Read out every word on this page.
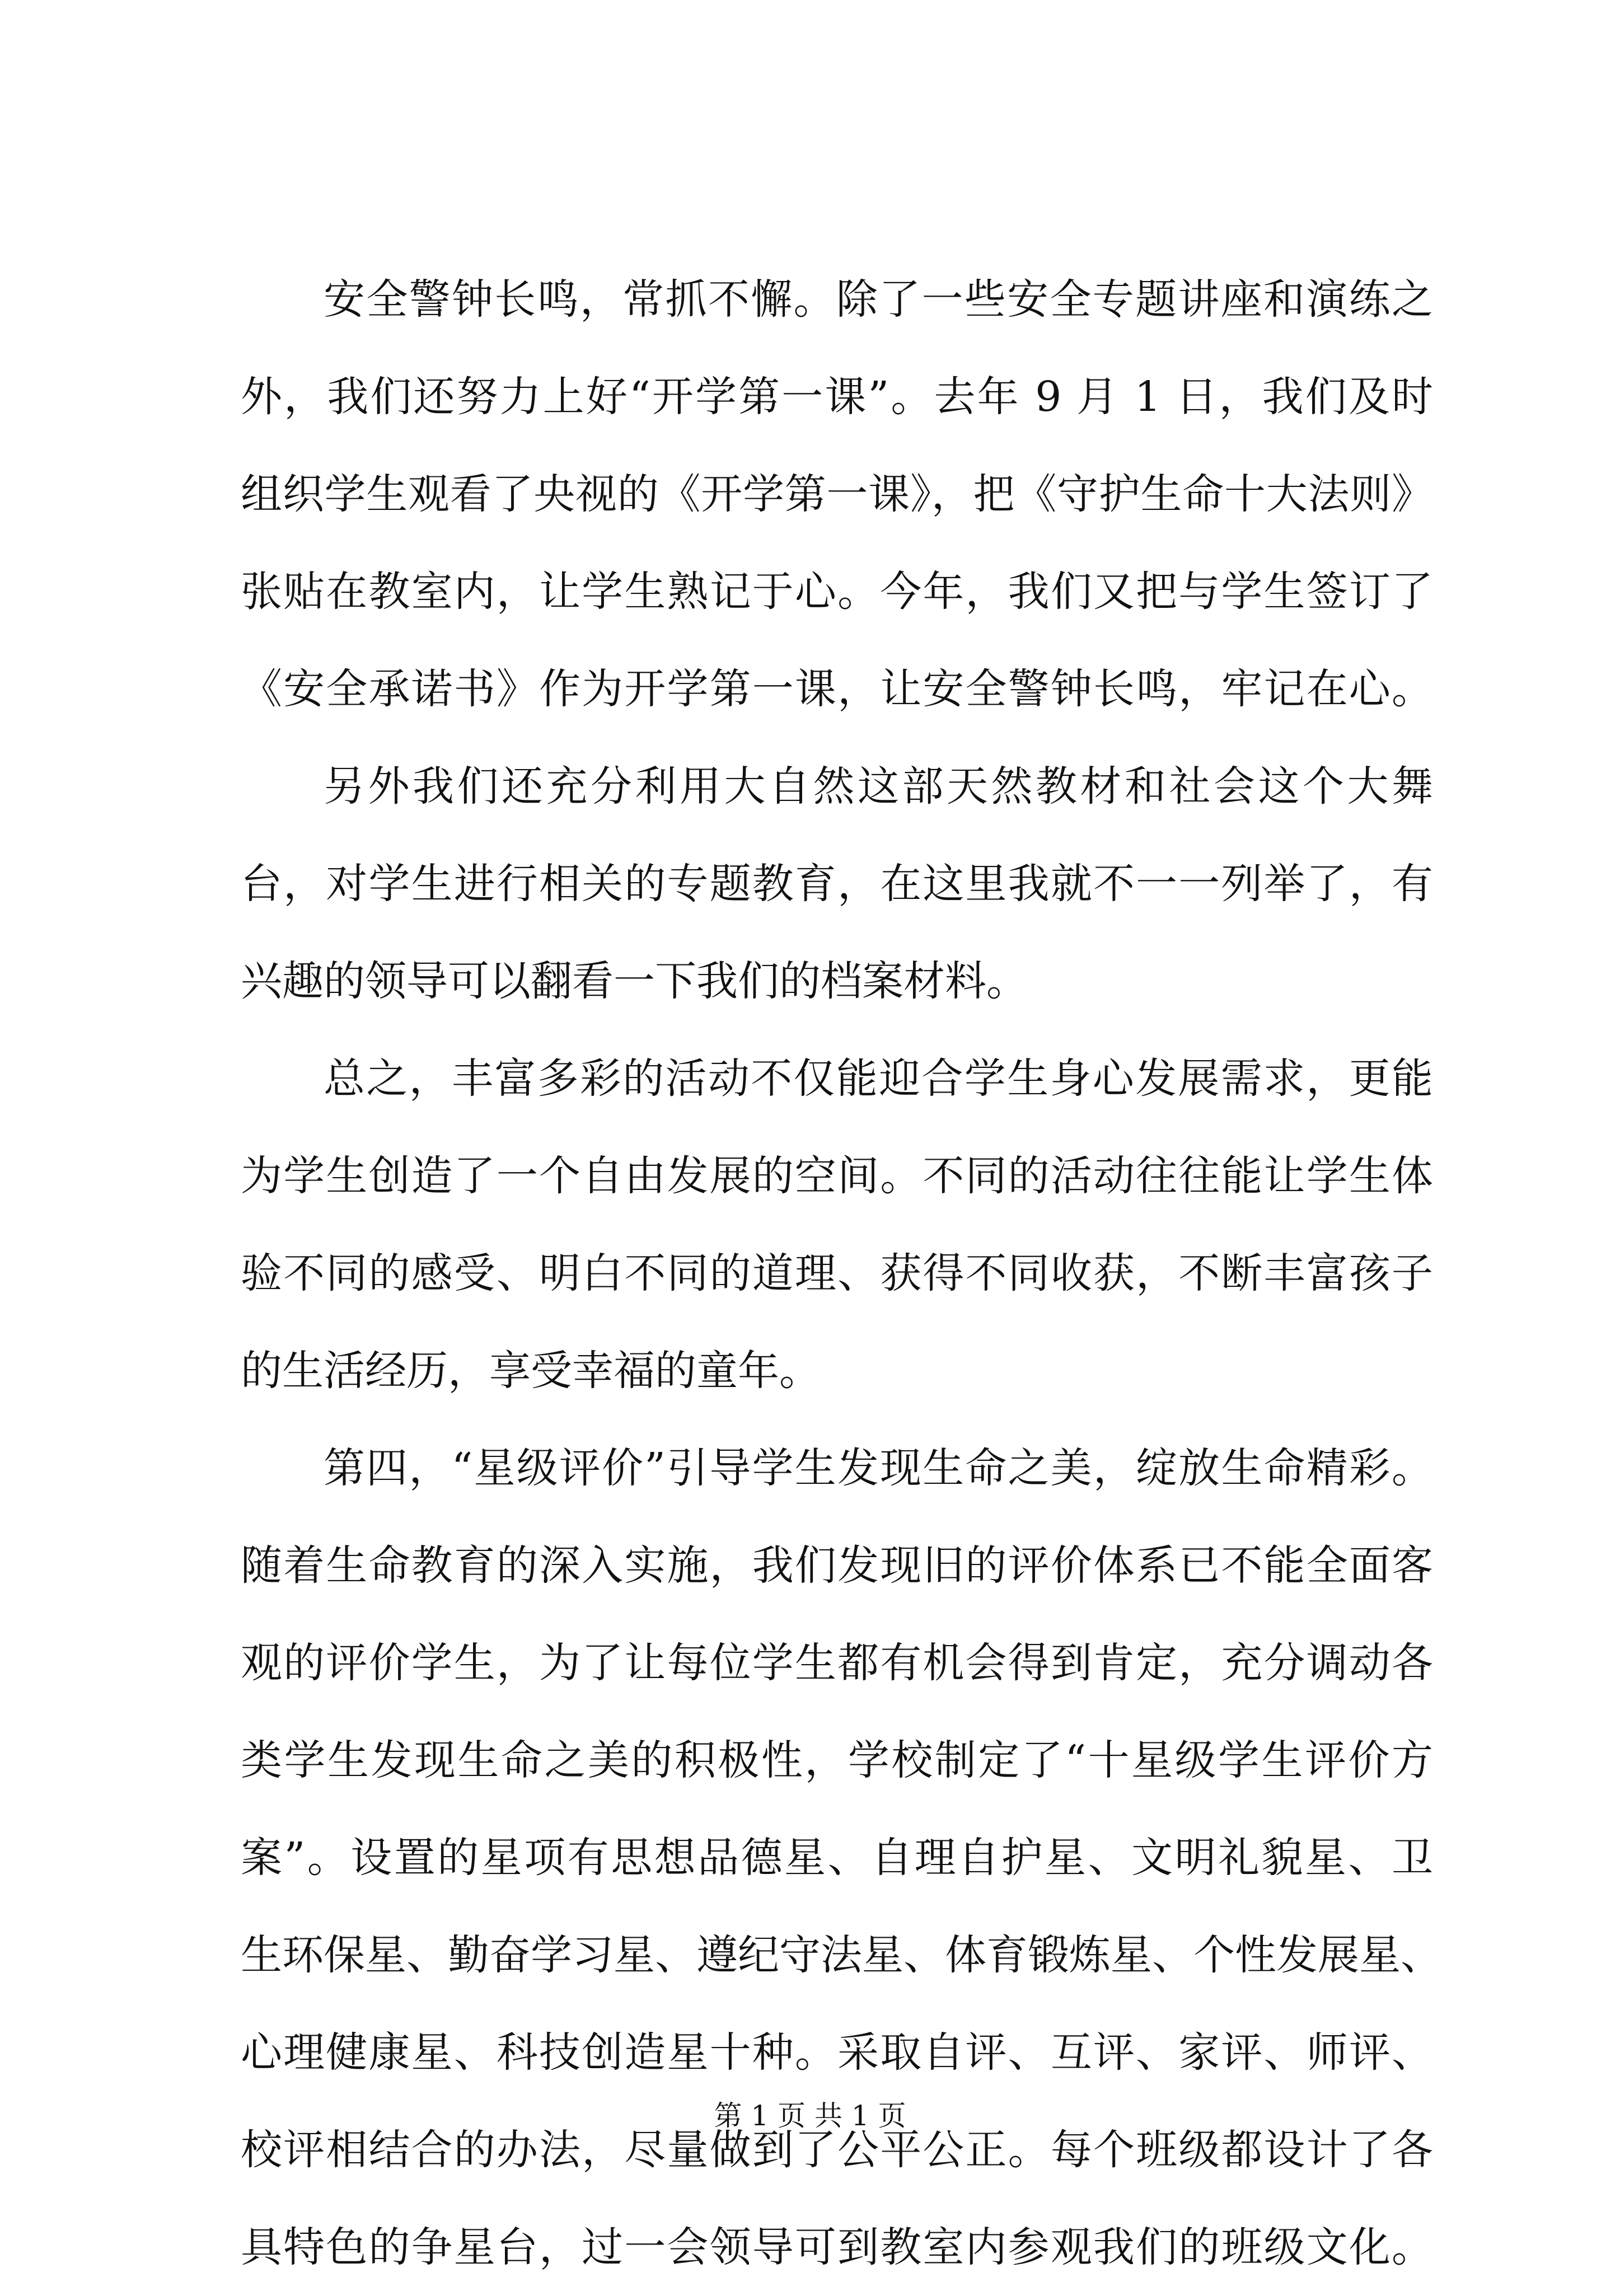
安全警钟长鸣，常抓不懈。除了一些安全专题讲座和演练之
外，我们还努力上好“开学第一课”。去年 9 月 1 日，我们及时
组织学生观看了央视的《开学第一课》，把《守护生命十大法则》
张贴在教室内，让学生熟记于心。今年，我们又把与学生签订了
《安全承诺书》作为开学第一课，让安全警钟长鸣，牢记在心。
另外我们还充分利用大自然这部天然教材和社会这个大舞
台，对学生进行相关的专题教育，在这里我就不一一列举了，有
兴趣的领导可以翻看一下我们的档案材料。
总之，丰富多彩的活动不仅能迎合学生身心发展需求，更能
为学生创造了一个自由发展的空间。不同的活动往往能让学生体
验不同的感受、明白不同的道理、获得不同收获，不断丰富孩子
的生活经历，享受幸福的童年。
第四，“星级评价”引导学生发现生命之美，绽放生命精彩。
随着生命教育的深入实施，我们发现旧的评价体系已不能全面客
观的评价学生，为了让每位学生都有机会得到肯定，充分调动各
类学生发现生命之美的积极性，学校制定了“十星级学生评价方
案”。设置的星项有思想品德星、自理自护星、文明礼貌星、卫
生环保星、勤奋学习星、遵纪守法星、体育锻炼星、个性发展星、
心理健康星、科技创造星十种。采取自评、互评、家评、师评、
校评相结合的办法，尽量做到了公平公正。每个班级都设计了各
具特色的争星台，过一会领导可到教室内参观我们的班级文化。
第 1 页 共 1 页
